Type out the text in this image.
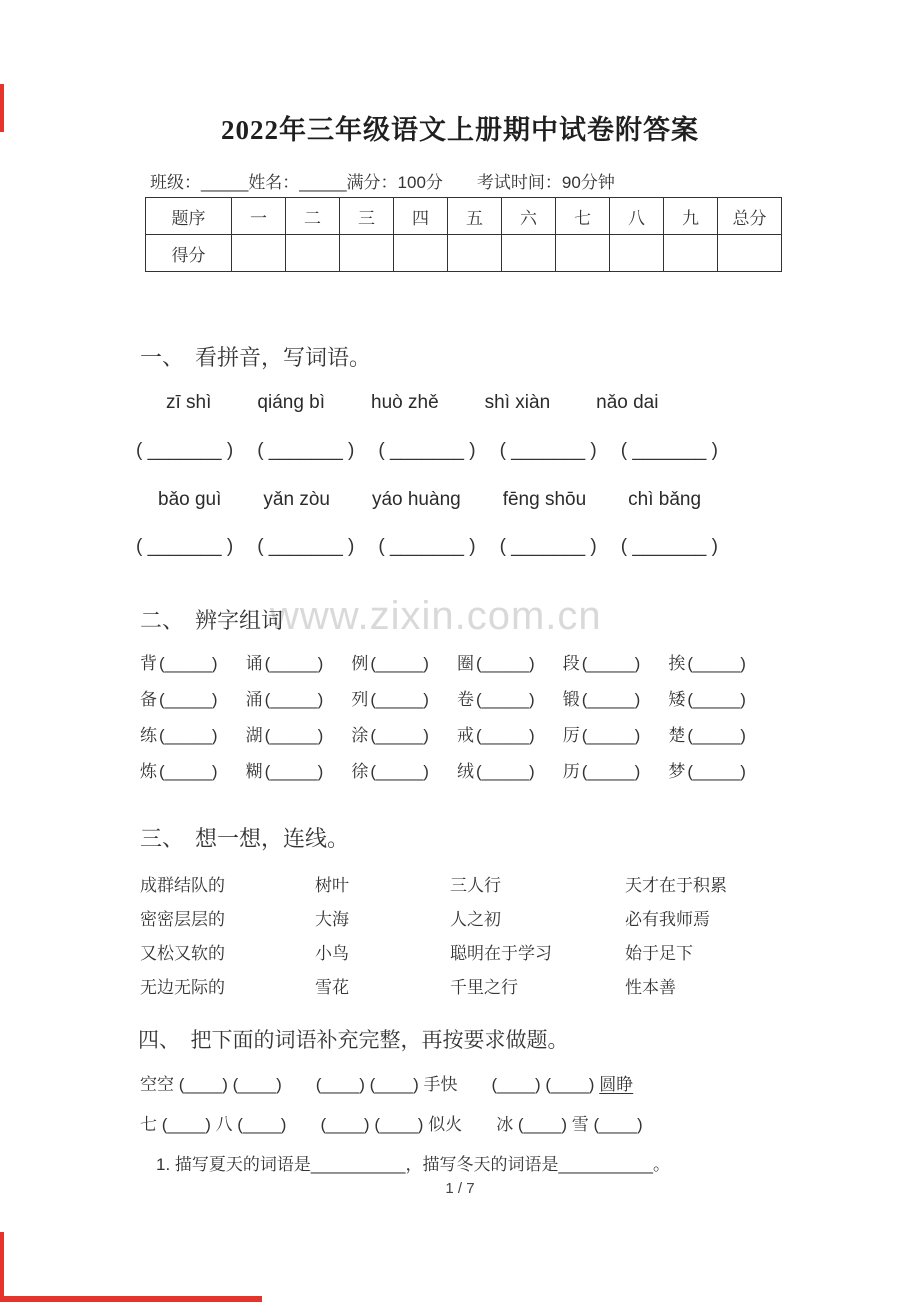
2022年三年级语文上册期中试卷附答案
班级：_____姓名：_____满分：100分　　考试时间：90分钟
题序	一	二	三	四	五	六	七	八	九	总分
得分										
一、　看拼音，写词语。
zī shì qiáng bì huò zhě shì xiàn nǎo dai
( _______ ) ( _______ ) ( _______ ) ( _______ ) ( _______ )
bǎo guì yǎn zòu yáo huàng fēng shōu chì bǎng
( _______ ) ( _______ ) ( _______ ) ( _______ ) ( _______ )
www.zixin.com.cn
二、　辨字组词
背 (_____) 诵 (_____) 例 (_____) 圈 (_____) 段 (_____) 挨 (_____)
备 (_____) 涌 (_____) 列 (_____) 卷 (_____) 锻 (_____) 矮 (_____)
练 (_____) 湖 (_____) 涂 (_____) 戒 (_____) 厉 (_____) 楚 (_____)
炼 (_____) 糊 (_____) 徐 (_____) 绒 (_____) 历 (_____) 梦 (_____)
三、　想一想，连线。
成群结队的	树叶	三人行	天才在于积累
密密层层的	大海	人之初	必有我师焉
又松又软的	小鸟	聪明在于学习	始于足下
无边无际的	雪花	千里之行	性本善
四、　把下面的词语补充完整，再按要求做题。
空空 (____) (____) (____) (____) 手快 (____) (____) 圆睁
七 (____) 八 (____) (____) (____) 似火 冰 (____) 雪 (____)
1. 描写夏天的词语是__________，描写冬天的词语是__________。
1 / 7
